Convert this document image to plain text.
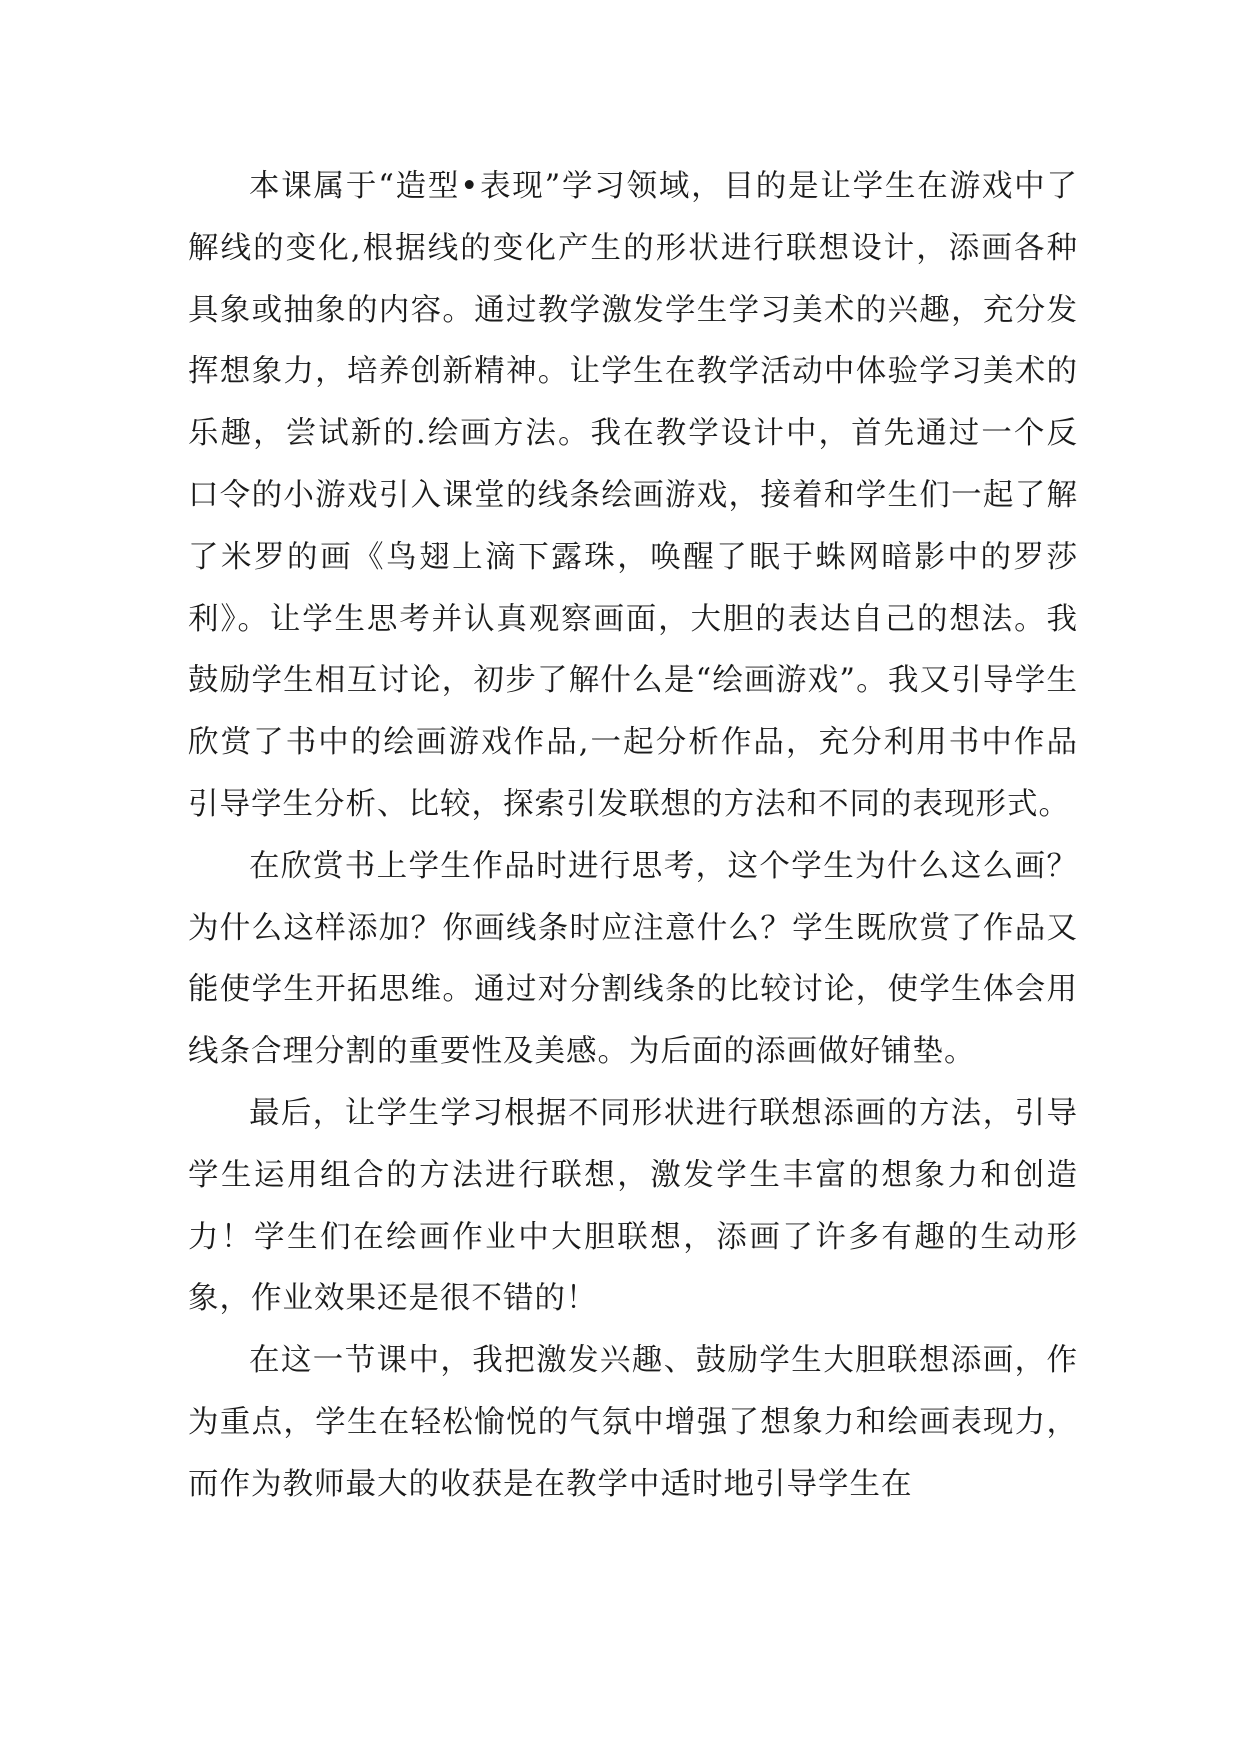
本课属于“造型•表现”学习领域，目的是让学生在游戏中了解线的变化,根据线的变化产生的形状进行联想设计，添画各种具象或抽象的内容。通过教学激发学生学习美术的兴趣，充分发挥想象力，培养创新精神。让学生在教学活动中体验学习美术的乐趣，尝试新的.绘画方法。我在教学设计中，首先通过一个反口令的小游戏引入课堂的线条绘画游戏，接着和学生们一起了解了米罗的画《鸟翅上滴下露珠，唤醒了眠于蛛网暗影中的罗莎利》。让学生思考并认真观察画面，大胆的表达自己的想法。我鼓励学生相互讨论，初步了解什么是“绘画游戏”。我又引导学生欣赏了书中的绘画游戏作品,一起分析作品，充分利用书中作品引导学生分析、比较，探索引发联想的方法和不同的表现形式。

在欣赏书上学生作品时进行思考，这个学生为什么这么画？为什么这样添加？你画线条时应注意什么？学生既欣赏了作品又能使学生开拓思维。通过对分割线条的比较讨论，使学生体会用线条合理分割的重要性及美感。为后面的添画做好铺垫。

最后，让学生学习根据不同形状进行联想添画的方法，引导学生运用组合的方法进行联想，激发学生丰富的想象力和创造力！学生们在绘画作业中大胆联想，添画了许多有趣的生动形象，作业效果还是很不错的！

在这一节课中，我把激发兴趣、鼓励学生大胆联想添画，作为重点，学生在轻松愉悦的气氛中增强了想象力和绘画表现力，而作为教师最大的收获是在教学中适时地引导学生在
